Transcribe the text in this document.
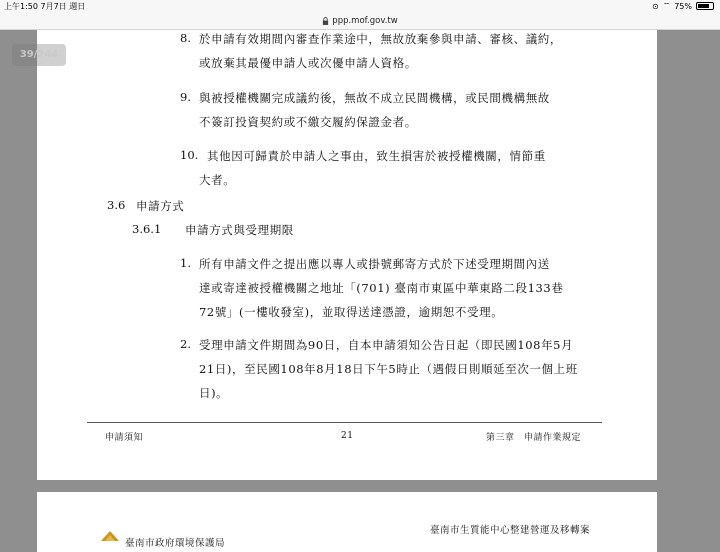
上午1:50 7月7日 週日	⊙ ⌔ 75%
ppp.mof.gov.tw
39/244
8. 於申請有效期間內審查作業途中，無故放棄參與申請、審核、議約，
或放棄其最優申請人或次優申請人資格。
9. 與被授權機關完成議約後，無故不成立民間機構，或民間機構無故
不簽訂投資契約或不繳交履約保證金者。
10. 其他因可歸責於申請人之事由，致生損害於被授權機關，情節重
大者。
3.6 申請方式
3.6.1 申請方式與受理期限
1. 所有申請文件之提出應以專人或掛號郵寄方式於下述受理期間內送
達或寄達被授權機關之地址「(701) 臺南市東區中華東路二段133巷
72號」(一樓收發室)，並取得送達憑證，逾期恕不受理。
2. 受理申請文件期間為90日，自本申請須知公告日起（即民國108年5月
21日)，至民國108年8月18日下午5時止（遇假日則順延至次一個上班
日)。
申請須知	21	第三章　申請作業規定
臺南市生質能中心整建營運及移轉案
臺南市政府環境保護局
